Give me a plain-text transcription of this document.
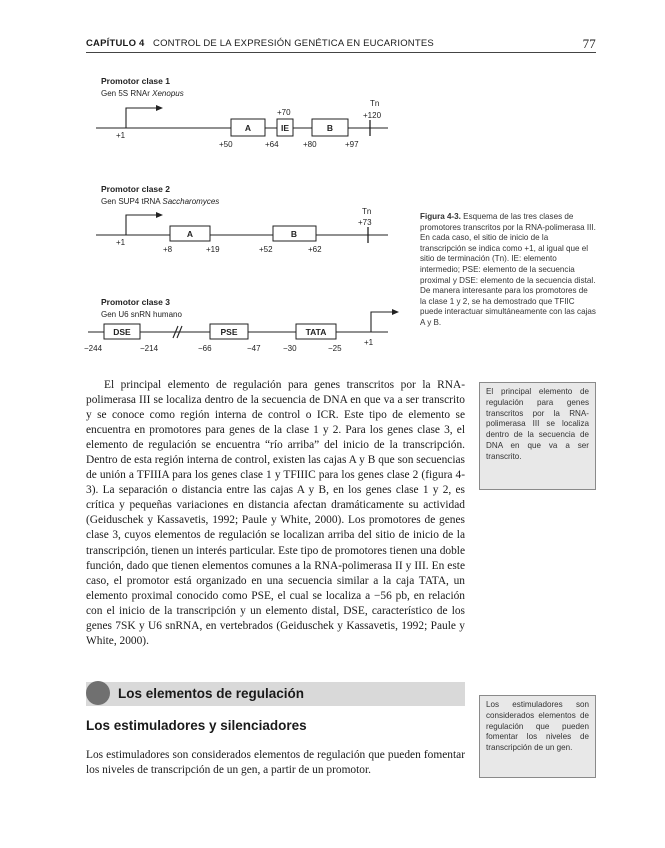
CAPÍTULO 4 CONTROL DE LA EXPRESIÓN GENÉTICA EN EUCARIONTES	77
Promotor clase 1
Gen 5S RNAr Xenopus
+1
A	IE	B
+70
Tn
+120
+50	+64	+80	+97
Promotor clase 2
Gen SUP4 tRNA Saccharomyces
+1
A	B
Tn
+73
+8	+19	+52	+62
Promotor clase 3
Gen U6 snRN humano
DSE	PSE	TATA
+1
−244	−214	−66	−47	−30	−25
Figura 4-3. Esquema de las tres clases de promotores transcritos por la RNA-polimerasa III. En cada caso, el sitio de inicio de la transcripción se indica como +1, al igual que el sitio de terminación (Tn). IE: elemento intermedio; PSE: elemento de la secuencia proximal y DSE: elemento de la secuencia distal. De manera interesante para los promotores de la clase 1 y 2, se ha demostrado que TFIIC puede interactuar simultáneamente con las cajas A y B.

El principal elemento de regulación para genes transcritos por la RNA-polimerasa III se localiza dentro de la secuencia de DNA en que va a ser transcrito y se conoce como región interna de control o ICR. Este tipo de elemento se encuentra en promotores para genes de la clase 1 y 2. Para los genes clase 3, el elemento de regulación se encuentra “río arriba” del inicio de la transcripción. Dentro de esta región interna de control, existen las cajas A y B que son secuencias de unión a TFIIIA para los genes clase 1 y TFIIIC para los genes clase 2 (figura 4-3). La separación o distancia entre las cajas A y B, en los genes clase 1 y 2, es crítica y pequeñas variaciones en distancia afectan dramáticamente su actividad (Geiduschek y Kassavetis, 1992; Paule y White, 2000). Los promotores de genes clase 3, cuyos elementos de regulación se localizan arriba del sitio de inicio de la transcripción, tienen un interés particular. Este tipo de promotores tienen una doble función, dado que tienen elementos comunes a la RNA-polimerasa II y III. En este caso, el promotor está organizado en una secuencia similar a la caja TATA, un elemento proximal conocido como PSE, el cual se localiza a −56 pb, en relación con el inicio de la transcripción y un elemento distal, DSE, característico de los genes 7SK y U6 snRNA, en vertebrados (Geiduschek y Kassavetis, 1992; Paule y White, 2000).

El principal elemento de regulación para genes transcritos por la RNA-polimerasa III se localiza dentro de la secuencia de DNA en que va a ser transcrito.
Los elementos de regulación
Los estimuladores y silenciadores

Los estimuladores son considerados elementos de regulación que pueden fomentar los niveles de transcripción de un gen, a partir de un promotor.

Los estimuladores son considerados elementos de regulación que pueden fomentar los niveles de transcripción de un gen.
